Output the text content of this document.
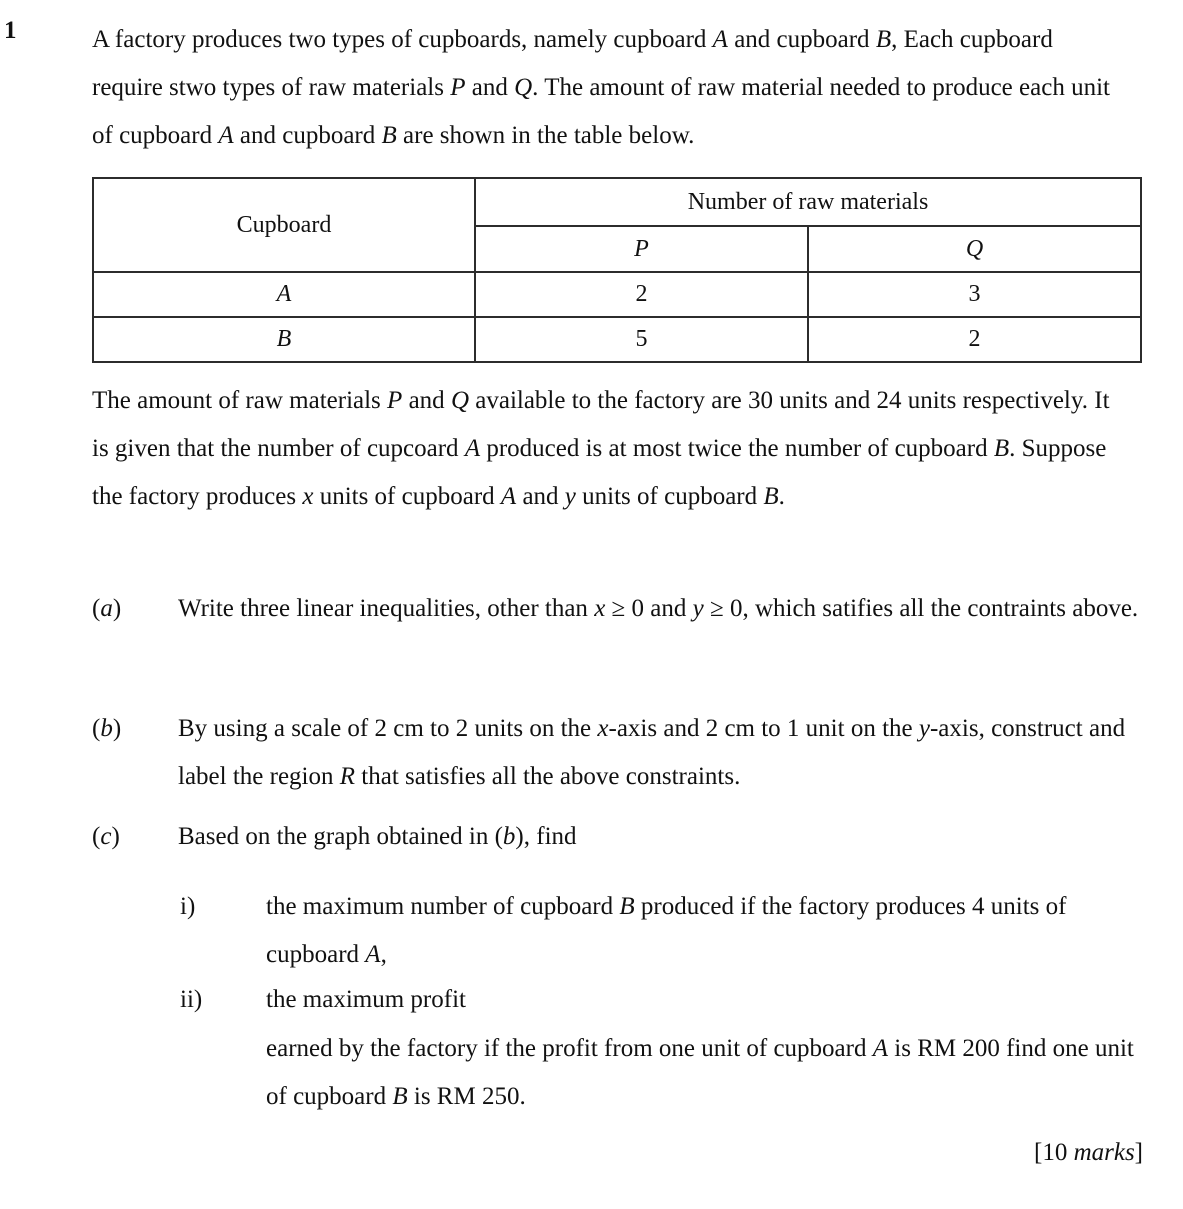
1	A factory produces two types of cupboards, namely cupboard A and cupboard B, Each cupboard require stwo types of raw materials P and Q. The amount of raw material needed to produce each unit of cupboard A and cupboard B are shown in the table below.
Cupboard	Number of raw materials	
	P	Q
A	2	3
B	5	2
The amount of raw materials P and Q available to the factory are 30 units and 24 units respectively. It is given that the number of cupcoard A produced is at most twice the number of cupboard B. Suppose the factory produces x units of cupboard A and y units of cupboard B.
(a)	Write three linear inequalities, other than x ≥ 0 and y ≥ 0, which satifies all the contraints above.
(b)	By using a scale of 2 cm to 2 units on the x-axis and 2 cm to 1 unit on the y-axis, construct and label the region R that satisfies all the above constraints.
(c)	Based on the graph obtained in (b), find
i)	the maximum number of cupboard B produced if the factory produces 4 units of cupboard A,
ii)	the maximum profit
earned by the factory if the profit from one unit of cupboard A is RM 200 find one unit of cupboard B is RM 250.
[10 marks]
